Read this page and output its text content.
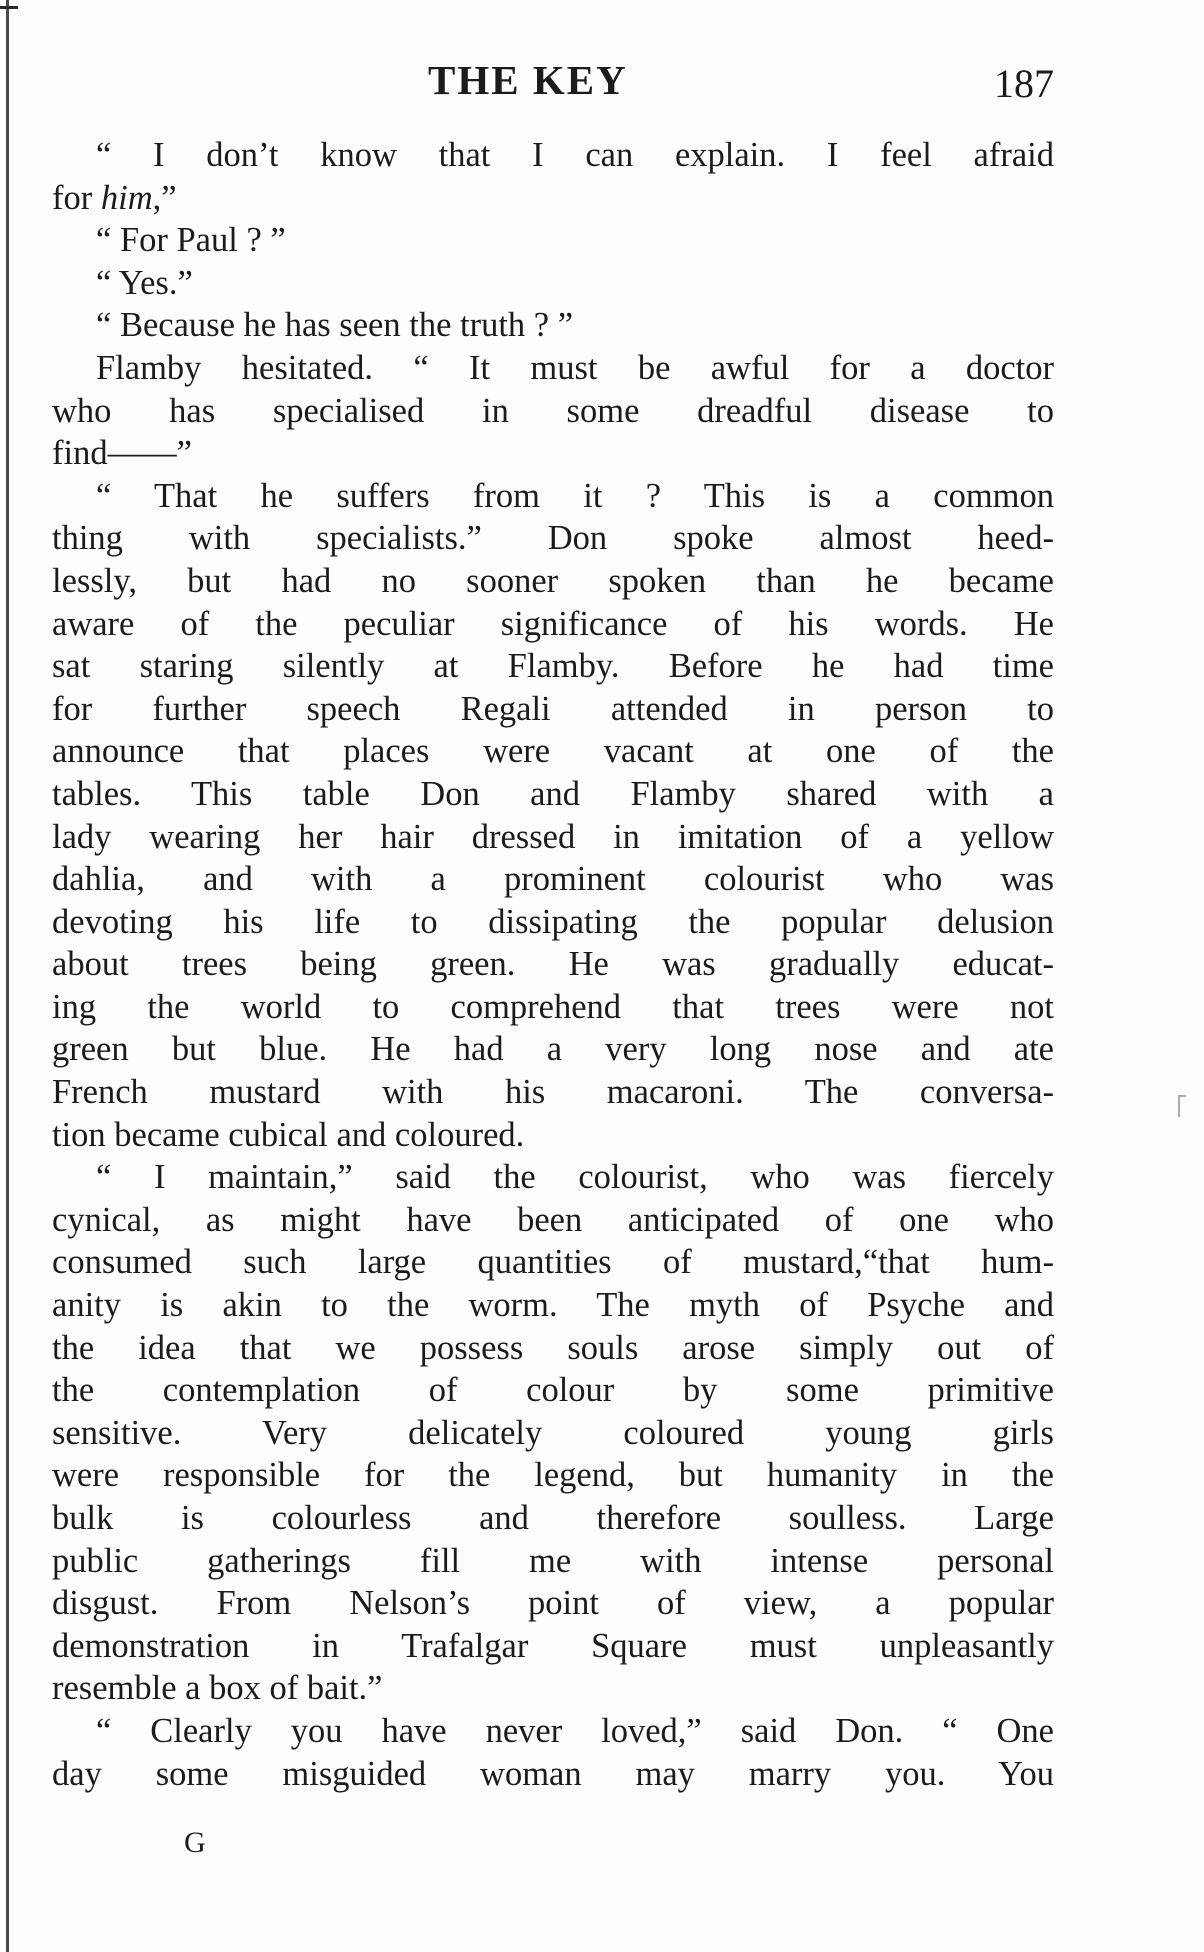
THE KEY	187
“ I don’t know that I can explain. I feel afraid
for him,”
“ For Paul ? ”
“ Yes.”
“ Because he has seen the truth ? ”
Flamby hesitated. “ It must be awful for a doctor
who has specialised in some dreadful disease to
find——”
“ That he suffers from it ? This is a common
thing with specialists.” Don spoke almost heed-
lessly, but had no sooner spoken than he became
aware of the peculiar significance of his words. He
sat staring silently at Flamby. Before he had time
for further speech Regali attended in person to
announce that places were vacant at one of the
tables. This table Don and Flamby shared with a
lady wearing her hair dressed in imitation of a yellow
dahlia, and with a prominent colourist who was
devoting his life to dissipating the popular delusion
about trees being green. He was gradually educat-
ing the world to comprehend that trees were not
green but blue. He had a very long nose and ate
French mustard with his macaroni. The conversa-
tion became cubical and coloured.
“ I maintain,” said the colourist, who was fiercely
cynical, as might have been anticipated of one who
consumed such large quantities of mustard,“that hum-
anity is akin to the worm. The myth of Psyche and
the idea that we possess souls arose simply out of
the contemplation of colour by some primitive
sensitive. Very delicately coloured young girls
were responsible for the legend, but humanity in the
bulk is colourless and therefore soulless. Large
public gatherings fill me with intense personal
disgust. From Nelson’s point of view, a popular
demonstration in Trafalgar Square must unpleasantly
resemble a box of bait.”
“ Clearly you have never loved,” said Don. “ One
day some misguided woman may marry you. You
G
